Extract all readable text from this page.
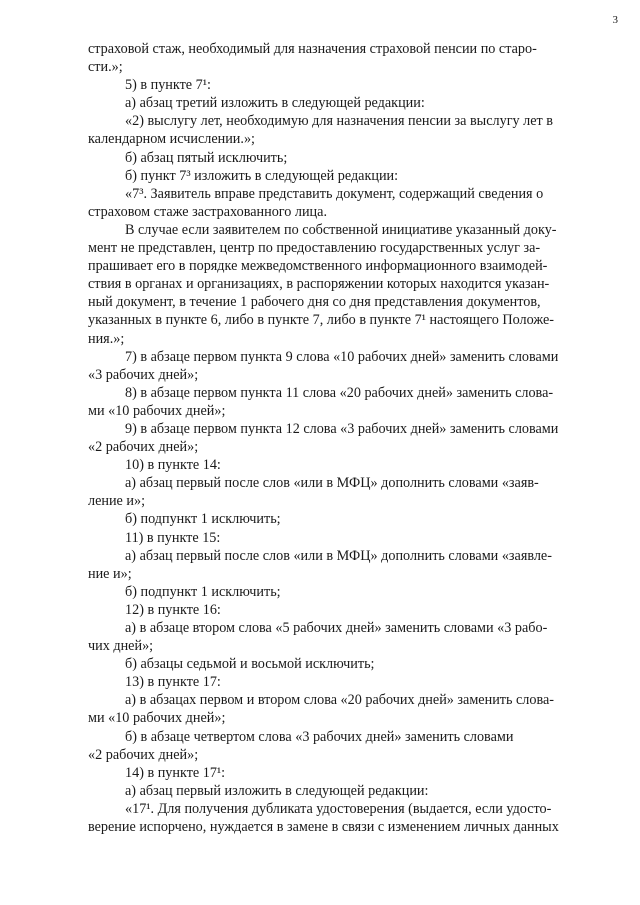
3

страховой стаж, необходимый для назначения страховой пенсии по старо-
сти.»;

5) в пункте 7¹:

а) абзац третий изложить в следующей редакции:

«2) выслугу лет, необходимую для назначения пенсии за выслугу лет в
календарном исчислении.»;

б) абзац пятый исключить;

б) пункт 7³ изложить в следующей редакции:

«7³. Заявитель вправе представить документ, содержащий сведения о
страховом стаже застрахованного лица.

В случае если заявителем по собственной инициативе указанный доку-
мент не представлен, центр по предоставлению государственных услуг за-
прашивает его в порядке межведомственного информационного взаимодей-
ствия в органах и организациях, в распоряжении которых находится указан-
ный документ, в течение 1 рабочего дня со дня представления документов,
указанных в пункте 6, либо в пункте 7, либо в пункте 7¹ настоящего Положе-
ния.»;

7) в абзаце первом пункта 9 слова «10 рабочих дней» заменить словами
«3 рабочих дней»;

8) в абзаце первом пункта 11 слова «20 рабочих дней» заменить слова-
ми «10 рабочих дней»;

9) в абзаце первом пункта 12 слова «3 рабочих дней» заменить словами
«2 рабочих дней»;

10) в пункте 14:

а) абзац первый после слов «или в МФЦ» дополнить словами «заяв-
ление и»;

б) подпункт 1 исключить;

11) в пункте 15:

а) абзац первый после слов «или в МФЦ» дополнить словами «заявле-
ние и»;

б) подпункт 1 исключить;

12) в пункте 16:

а) в абзаце втором слова «5 рабочих дней» заменить словами «3 рабо-
чих дней»;

б) абзацы седьмой и восьмой исключить;

13) в пункте 17:

а) в абзацах первом и втором слова «20 рабочих дней» заменить слова-
ми «10 рабочих дней»;

б) в абзаце четвертом слова «3 рабочих дней» заменить словами
«2 рабочих дней»;

14) в пункте 17¹:

а) абзац первый изложить в следующей редакции:

«17¹. Для получения дубликата удостоверения (выдается, если удосто-
верение испорчено, нуждается в замене в связи с изменением личных данных
